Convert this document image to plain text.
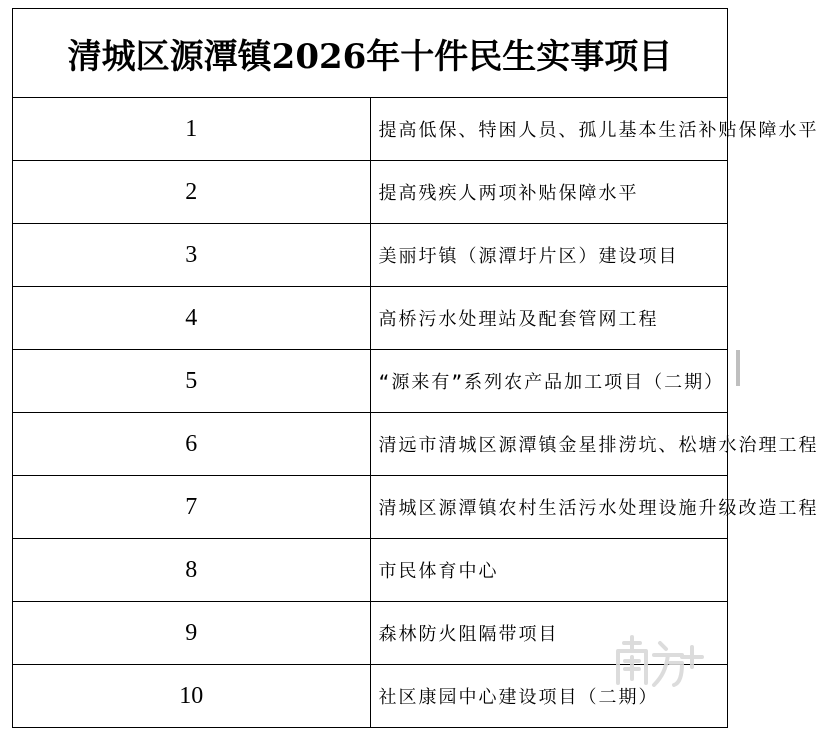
清城区源潭镇2026年十件民生实事项目	
1	提高低保、特困人员、孤儿基本生活补贴保障水平
2	提高残疾人两项补贴保障水平
3	美丽圩镇（源潭圩片区）建设项目
4	高桥污水处理站及配套管网工程
5	“源来有”系列农产品加工项目（二期）
6	清远市清城区源潭镇金星排涝坑、松塘水治理工程
7	清城区源潭镇农村生活污水处理设施升级改造工程
8	市民体育中心
9	森林防火阻隔带项目
10	社区康园中心建设项目（二期）
